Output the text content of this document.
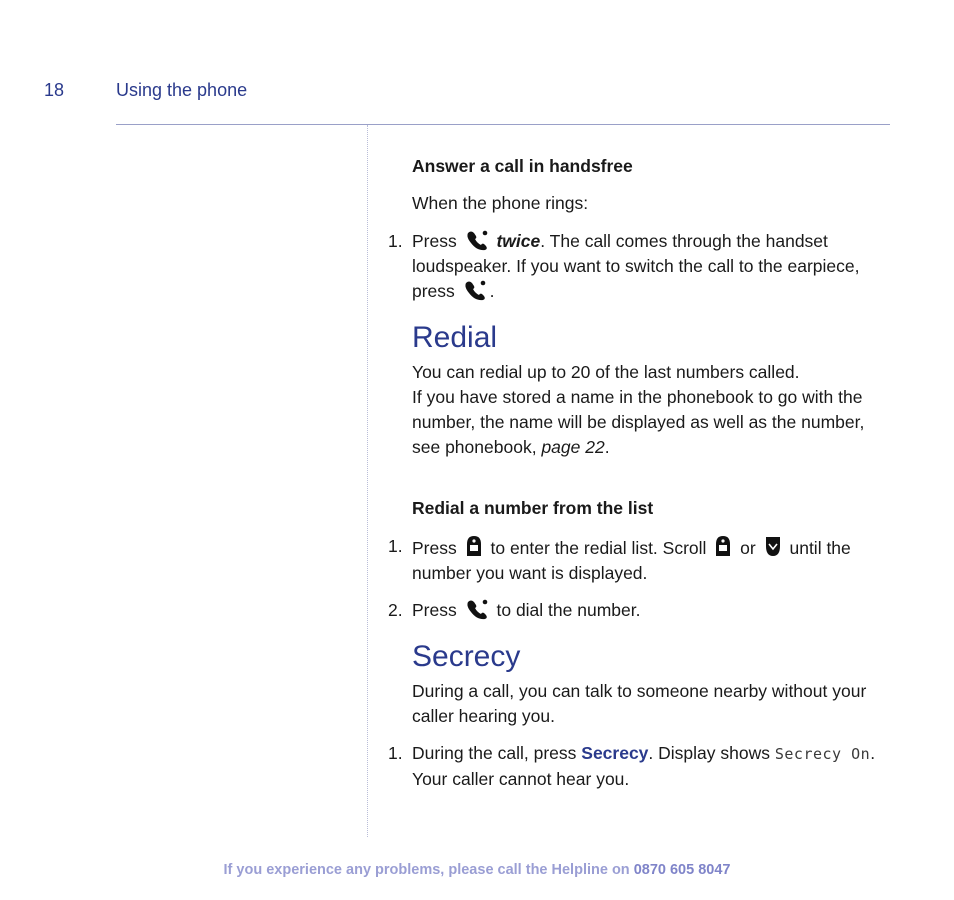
18	Using the phone

Answer a call in handsfree

When the phone rings:

1. Press twice. The call comes through the handset loudspeaker. If you want to switch the call to the earpiece, press .

Redial

You can redial up to 20 of the last numbers called.

If you have stored a name in the phonebook to go with the number, the name will be displayed as well as the number, see phonebook, page 22.

Redial a number from the list

1. Press to enter the redial list. Scroll or until the number you want is displayed.
2. Press to dial the number.

Secrecy

During a call, you can talk to someone nearby without your caller hearing you.

1. During the call, press Secrecy. Display shows Secrecy On. Your caller cannot hear you.
If you experience any problems, please call the Helpline on 0870 605 8047
